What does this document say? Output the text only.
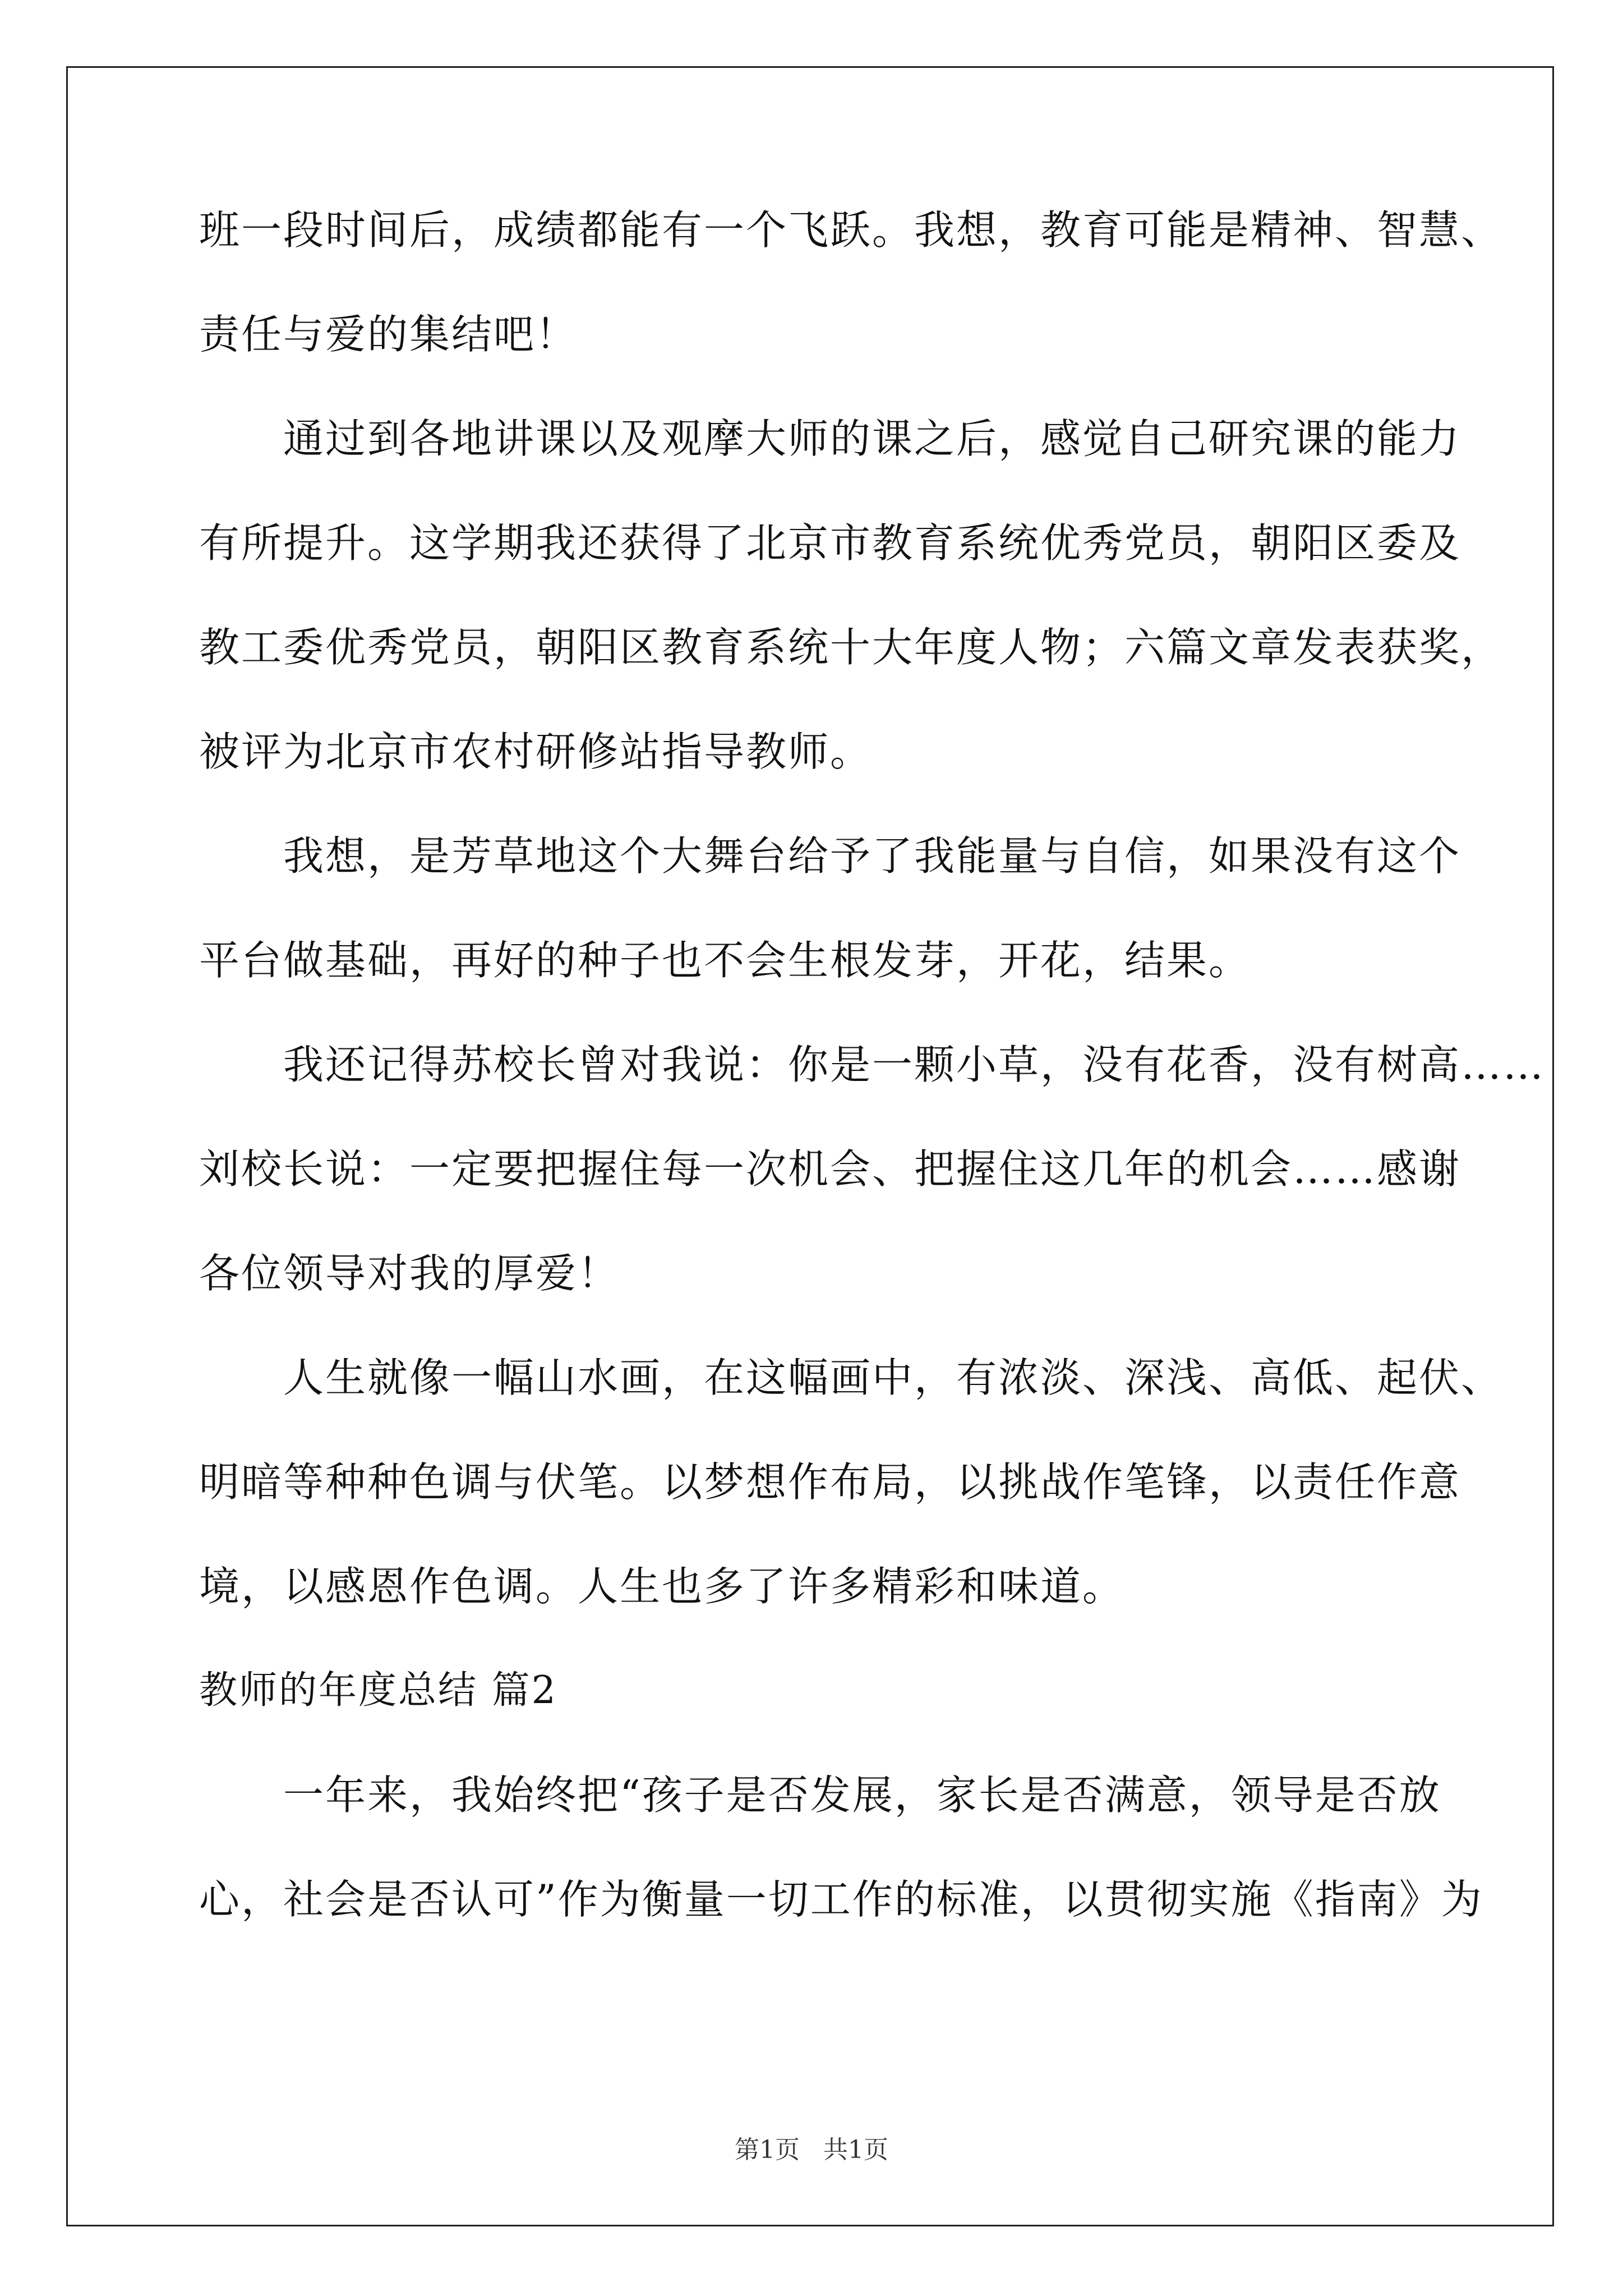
班一段时间后，成绩都能有一个飞跃。我想，教育可能是精神、智慧、

责任与爱的集结吧！

通过到各地讲课以及观摩大师的课之后，感觉自己研究课的能力

有所提升。这学期我还获得了北京市教育系统优秀党员，朝阳区委及

教工委优秀党员，朝阳区教育系统十大年度人物；六篇文章发表获奖，

被评为北京市农村研修站指导教师。

我想，是芳草地这个大舞台给予了我能量与自信，如果没有这个

平台做基础，再好的种子也不会生根发芽，开花，结果。

我还记得苏校长曾对我说：你是一颗小草，没有花香，没有树高……

刘校长说：一定要把握住每一次机会、把握住这几年的机会……感谢

各位领导对我的厚爱！

人生就像一幅山水画，在这幅画中，有浓淡、深浅、高低、起伏、

明暗等种种色调与伏笔。以梦想作布局，以挑战作笔锋，以责任作意

境，以感恩作色调。人生也多了许多精彩和味道。

教师的年度总结 篇2

一年来，我始终把“孩子是否发展，家长是否满意，领导是否放

心，社会是否认可”作为衡量一切工作的标准，以贯彻实施《指南》为

第1页   共1页
